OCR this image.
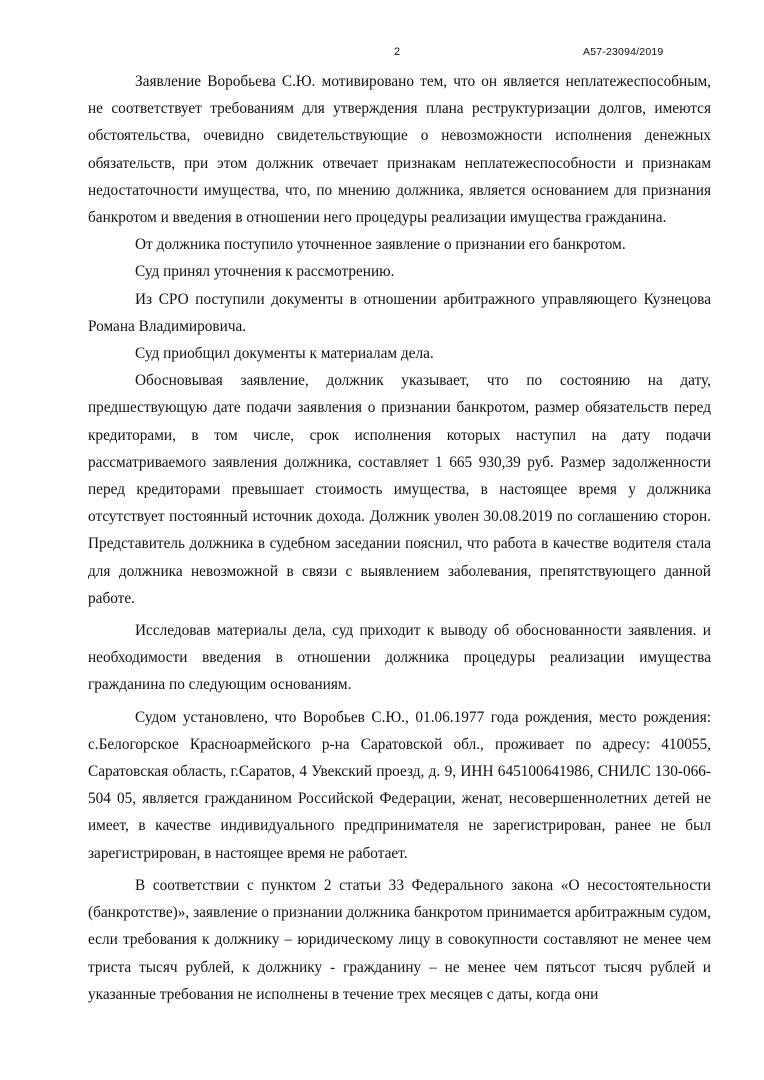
2	А57-23094/2019

Заявление Воробьева С.Ю. мотивировано тем, что он является неплатежеспособным, не соответствует требованиям для утверждения плана реструктуризации долгов, имеются обстоятельства, очевидно свидетельствующие о невозможности исполнения денежных обязательств, при этом должник отвечает признакам неплатежеспособности и признакам недостаточности имущества, что, по мнению должника, является основанием для признания банкротом и введения в отношении него процедуры реализации имущества гражданина.

От должника поступило уточненное заявление о признании его банкротом.

Суд принял уточнения к рассмотрению.

Из СРО поступили документы в отношении арбитражного управляющего Кузнецова Романа Владимировича.

Суд приобщил документы к материалам дела.

Обосновывая заявление, должник указывает, что по состоянию на дату, предшествующую дате подачи заявления о признании банкротом, размер обязательств перед кредиторами, в том числе, срок исполнения которых наступил на дату подачи рассматриваемого заявления должника, составляет 1 665 930,39 руб. Размер задолженности перед кредиторами превышает стоимость имущества, в настоящее время у должника отсутствует постоянный источник дохода. Должник уволен 30.08.2019 по соглашению сторон. Представитель должника в судебном заседании пояснил, что работа в качестве водителя стала для должника невозможной в связи с выявлением заболевания, препятствующего данной работе.

Исследовав материалы дела, суд приходит к выводу об обоснованности заявления. и необходимости введения в отношении должника процедуры реализации имущества гражданина по следующим основаниям.

Судом установлено, что Воробьев С.Ю., 01.06.1977 года рождения, место рождения: с.Белогорское Красноармейского р-на Саратовской обл., проживает по адресу: 410055, Саратовская область, г.Саратов, 4 Увекский проезд, д. 9, ИНН 645100641986, СНИЛС 130-066-504 05, является гражданином Российской Федерации, женат, несовершеннолетних детей не имеет, в качестве индивидуального предпринимателя не зарегистрирован, ранее не был зарегистрирован, в настоящее время не работает.

В соответствии с пунктом 2 статьи 33 Федерального закона «О несостоятельности (банкротстве)», заявление о признании должника банкротом принимается арбитражным судом, если требования к должнику – юридическому лицу в совокупности составляют не менее чем триста тысяч рублей, к должнику - гражданину – не менее чем пятьсот тысяч рублей и указанные требования не исполнены в течение трех месяцев с даты, когда они
